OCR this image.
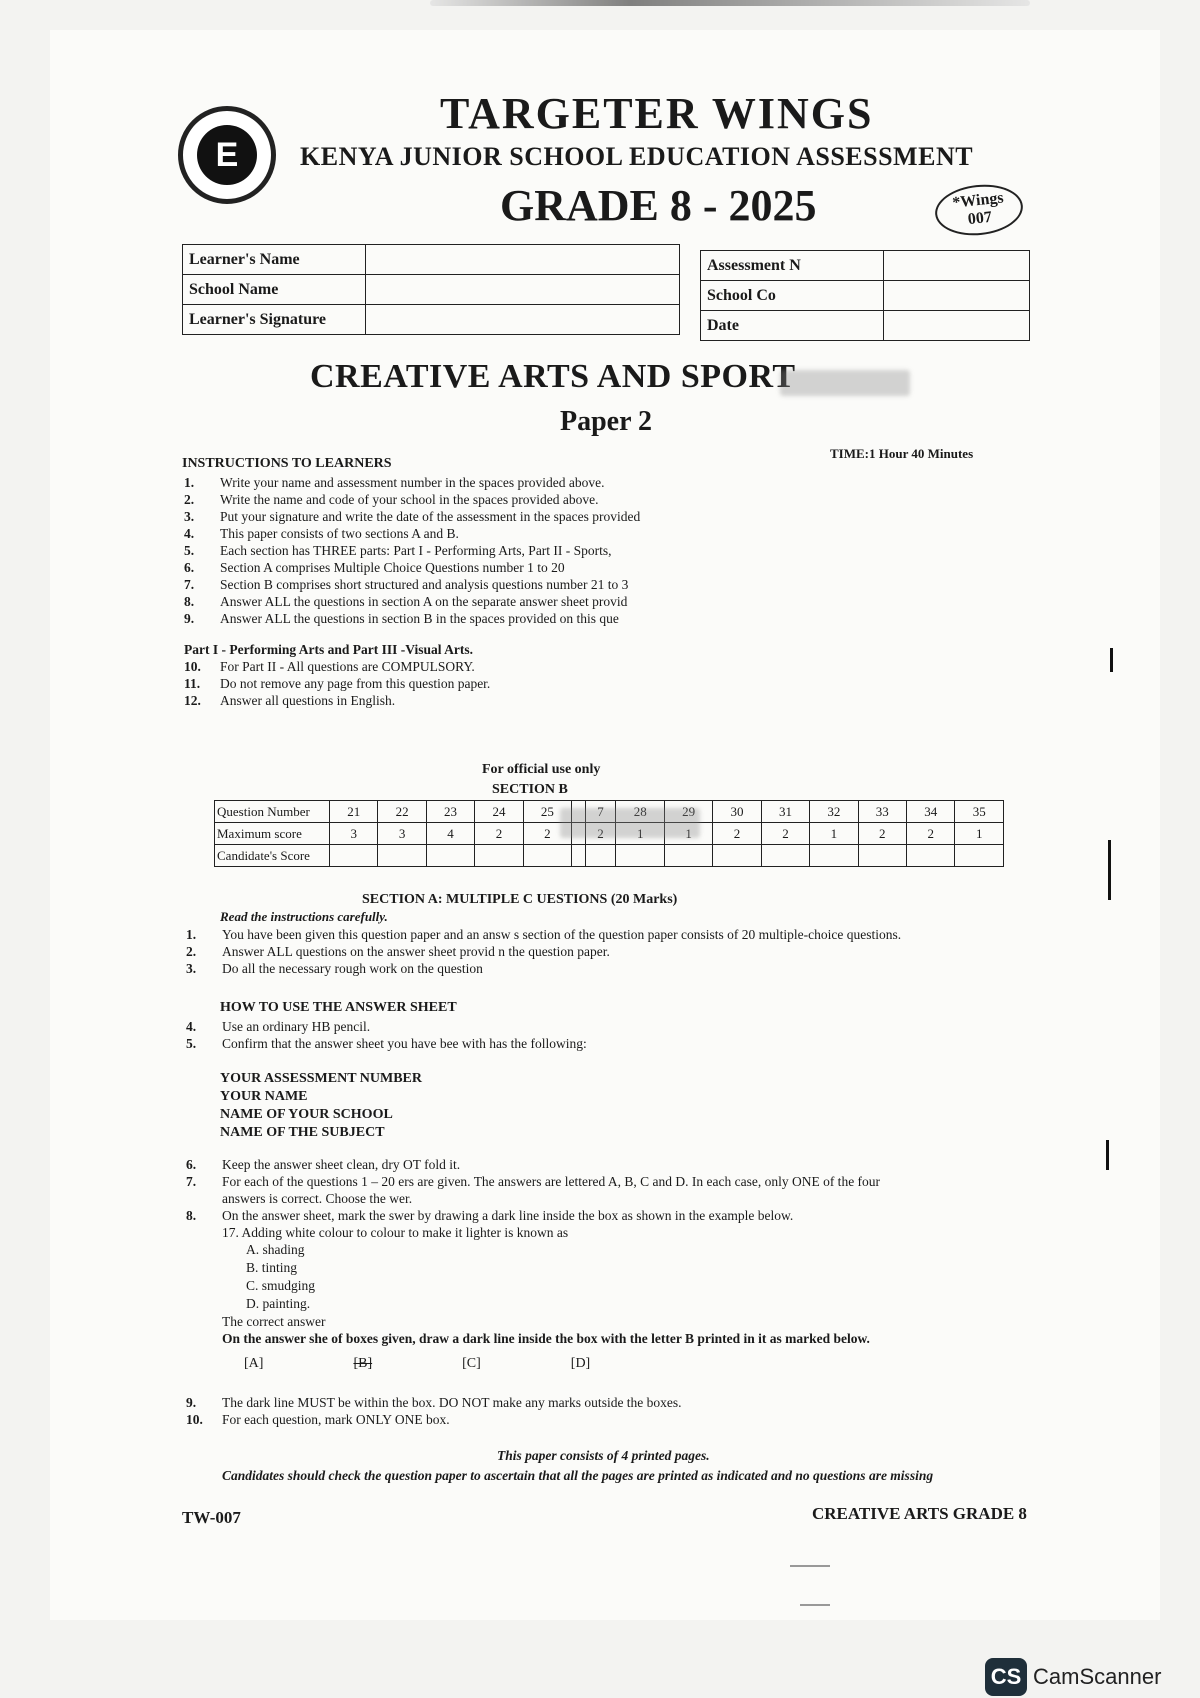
E
TARGETER WINGS
KENYA JUNIOR SCHOOL EDUCATION ASSESSMENT
GRADE 8 - 2025	*Wings
007
Learner's Name	
School Name	
Learner's Signature	
Assessment N	
School Co	
Date	
CREATIVE ARTS AND SPORT
Paper 2
INSTRUCTIONS TO LEARNERS
TIME:1 Hour 40 Minutes
1.	Write your name and assessment number in the spaces provided above.
2.	Write the name and code of your school in the spaces provided above.
3.	Put your signature and write the date of the assessment in the spaces provided
4.	This paper consists of two sections A and B.
5.	Each section has THREE parts: Part I - Performing Arts, Part II - Sports,
6.	Section A comprises Multiple Choice Questions number 1 to 20
7.	Section B comprises short structured and analysis questions number 21 to 3
8.	Answer ALL the questions in section A on the separate answer sheet provid
9.	Answer ALL the questions in section B in the spaces provided on this que
Part I - Performing Arts and Part III -Visual Arts.
10.	For Part II - All questions are COMPULSORY.
11.	Do not remove any page from this question paper.
12.	Answer all questions in English.
For official use only
SECTION B
Question Number	21	22	23	24	25		7	28	29	30	31	32	33	34	35
Maximum score	3	3	4	2	2		2	1	1	2	2	1	2	2	1
Candidate's Score															
SECTION A: MULTIPLE C UESTIONS (20 Marks)
Read the instructions carefully.
1.	You have been given this question paper and an answ s section of the question paper consists of 20 multiple-choice questions.
2.	Answer ALL questions on the answer sheet provid n the question paper.
3.	Do all the necessary rough work on the question
HOW TO USE THE ANSWER SHEET
4.	Use an ordinary HB pencil.
5.	Confirm that the answer sheet you have bee with has the following:
YOUR ASSESSMENT NUMBER
YOUR NAME
NAME OF YOUR SCHOOL
NAME OF THE SUBJECT
6.	Keep the answer sheet clean, dry OT fold it.
7.	For each of the questions 1 – 20 ers are given. The answers are lettered A, B, C and D. In each case, only ONE of the four
answers is correct. Choose the wer.
8.	On the answer sheet, mark the swer by drawing a dark line inside the box as shown in the example below.
17. Adding white colour to colour to make it lighter is known as
A. shading
B. tinting
C. smudging
D. painting.
The correct answer
On the answer she of boxes given, draw a dark line inside the box with the letter B printed in it as marked below.
[A]	[B]	[C]	[D]
9.	The dark line MUST be within the box. DO NOT make any marks outside the boxes.
10.	For each question, mark ONLY ONE box.
This paper consists of 4 printed pages.
Candidates should check the question paper to ascertain that all the pages are printed as indicated and no questions are missing
TW-007	CREATIVE ARTS GRADE 8
CS CamScanner
